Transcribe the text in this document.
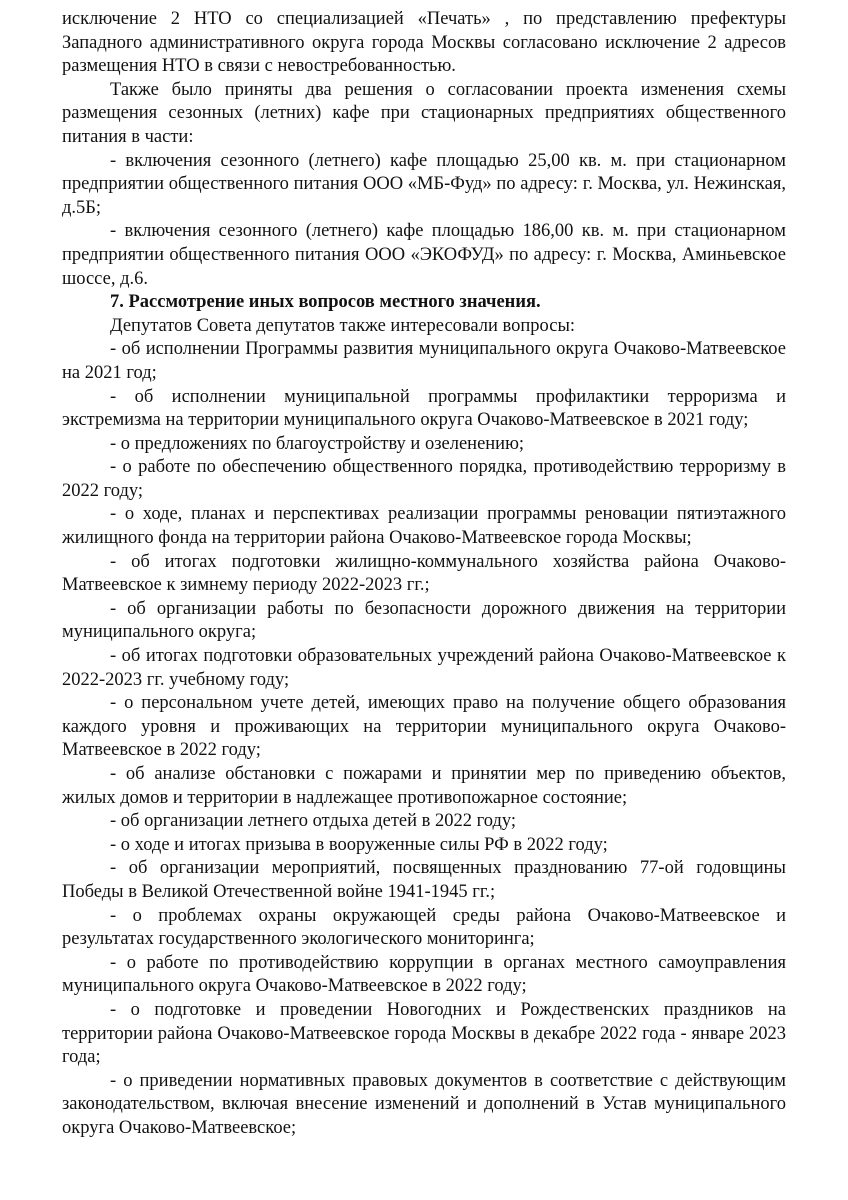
исключение 2 НТО со специализацией «Печать» , по представлению префектуры Западного административного округа города Москвы согласовано исключение 2 адресов размещения НТО в связи с невостребованностью.

Также было приняты два решения о согласовании проекта изменения схемы размещения сезонных (летних) кафе при стационарных предприятиях общественного питания в части:

- включения сезонного (летнего) кафе площадью 25,00 кв. м. при стационарном предприятии общественного питания ООО «МБ-Фуд» по адресу: г. Москва, ул. Нежинская, д.5Б;

- включения сезонного (летнего) кафе площадью 186,00 кв. м. при стационарном предприятии общественного питания ООО «ЭКОФУД» по адресу: г. Москва, Аминьевское шоссе, д.6.

7. Рассмотрение иных вопросов местного значения.

Депутатов Совета депутатов также интересовали вопросы:

- об исполнении Программы развития муниципального округа Очаково-Матвеевское на 2021 год;

- об исполнении муниципальной программы профилактики терроризма и экстремизма на территории муниципального округа Очаково-Матвеевское в 2021 году;

- о предложениях по благоустройству и озеленению;

- о работе по обеспечению общественного порядка, противодействию терроризму в 2022 году;

- о ходе, планах и перспективах реализации программы реновации пятиэтажного жилищного фонда на территории района Очаково-Матвеевское города Москвы;

- об итогах подготовки жилищно-коммунального хозяйства района Очаково-Матвеевское к зимнему периоду 2022-2023 гг.;

- об организации работы по безопасности дорожного движения на территории муниципального округа;

- об итогах подготовки образовательных учреждений района Очаково-Матвеевское к 2022-2023 гг. учебному году;

- о персональном учете детей, имеющих право на получение общего образования каждого уровня и проживающих на территории муниципального округа Очаково-Матвеевское в 2022 году;

- об анализе обстановки с пожарами и принятии мер по приведению объектов, жилых домов и территории в надлежащее противопожарное состояние;

- об организации летнего отдыха детей в 2022 году;

- о ходе и итогах призыва в вооруженные силы РФ в 2022 году;

- об организации мероприятий, посвященных празднованию 77-ой годовщины Победы в Великой Отечественной войне 1941-1945 гг.;

- о проблемах охраны окружающей среды района Очаково-Матвеевское и результатах государственного экологического мониторинга;

- о работе по противодействию коррупции в органах местного самоуправления муниципального округа Очаково-Матвеевское в 2022 году;

- о подготовке и проведении Новогодних и Рождественских праздников на территории района Очаково-Матвеевское города Москвы в декабре 2022 года - январе 2023 года;

- о приведении нормативных правовых документов в соответствие с действующим законодательством, включая внесение изменений и дополнений в Устав муниципального округа Очаково-Матвеевское;
